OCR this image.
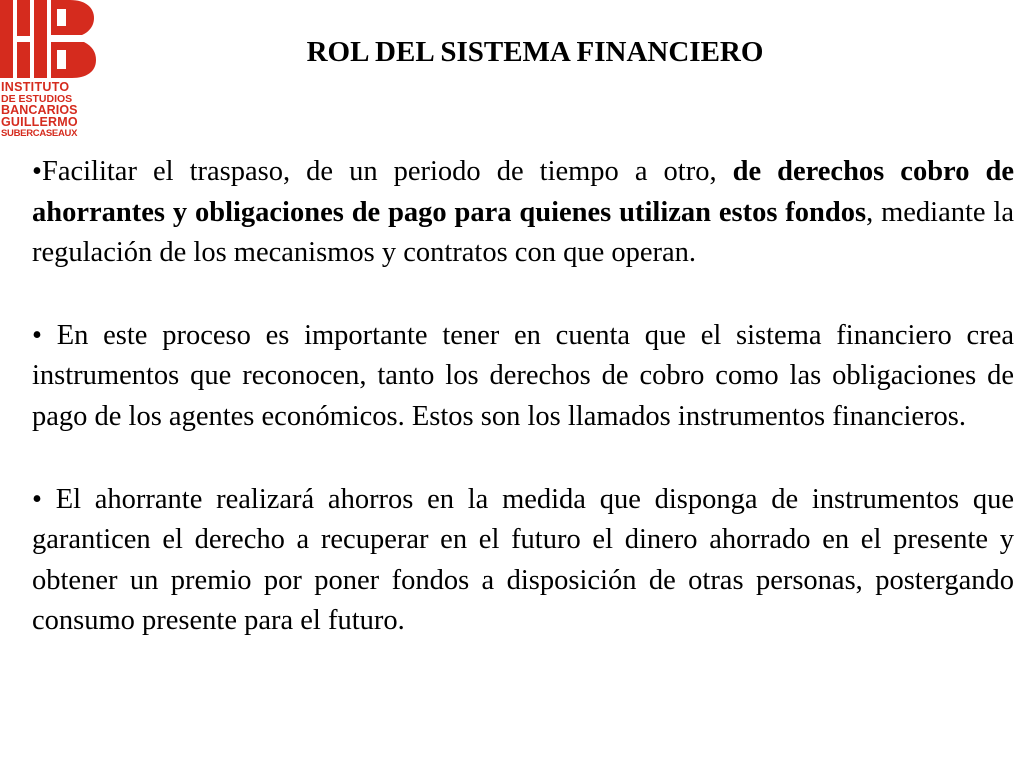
INSTITUTO
DE ESTUDIOS
BANCARIOS
GUILLERMO
SUBERCASEAUX
ROL DEL SISTEMA FINANCIERO

•Facilitar el traspaso, de un periodo de tiempo a otro, de derechos cobro de ahorrantes y obligaciones de pago para quienes utilizan estos fondos, mediante la regulación de los mecanismos y contratos con que operan.

• En este proceso es importante tener en cuenta que el sistema financiero crea instrumentos que reconocen, tanto los derechos de cobro como las obligaciones de pago de los agentes económicos. Estos son los llamados instrumentos financieros.

• El ahorrante realizará ahorros en la medida que disponga de instrumentos que garanticen el derecho a recuperar en el futuro el dinero ahorrado en el presente y obtener un premio por poner fondos a disposición de otras personas, postergando consumo presente para el futuro.
